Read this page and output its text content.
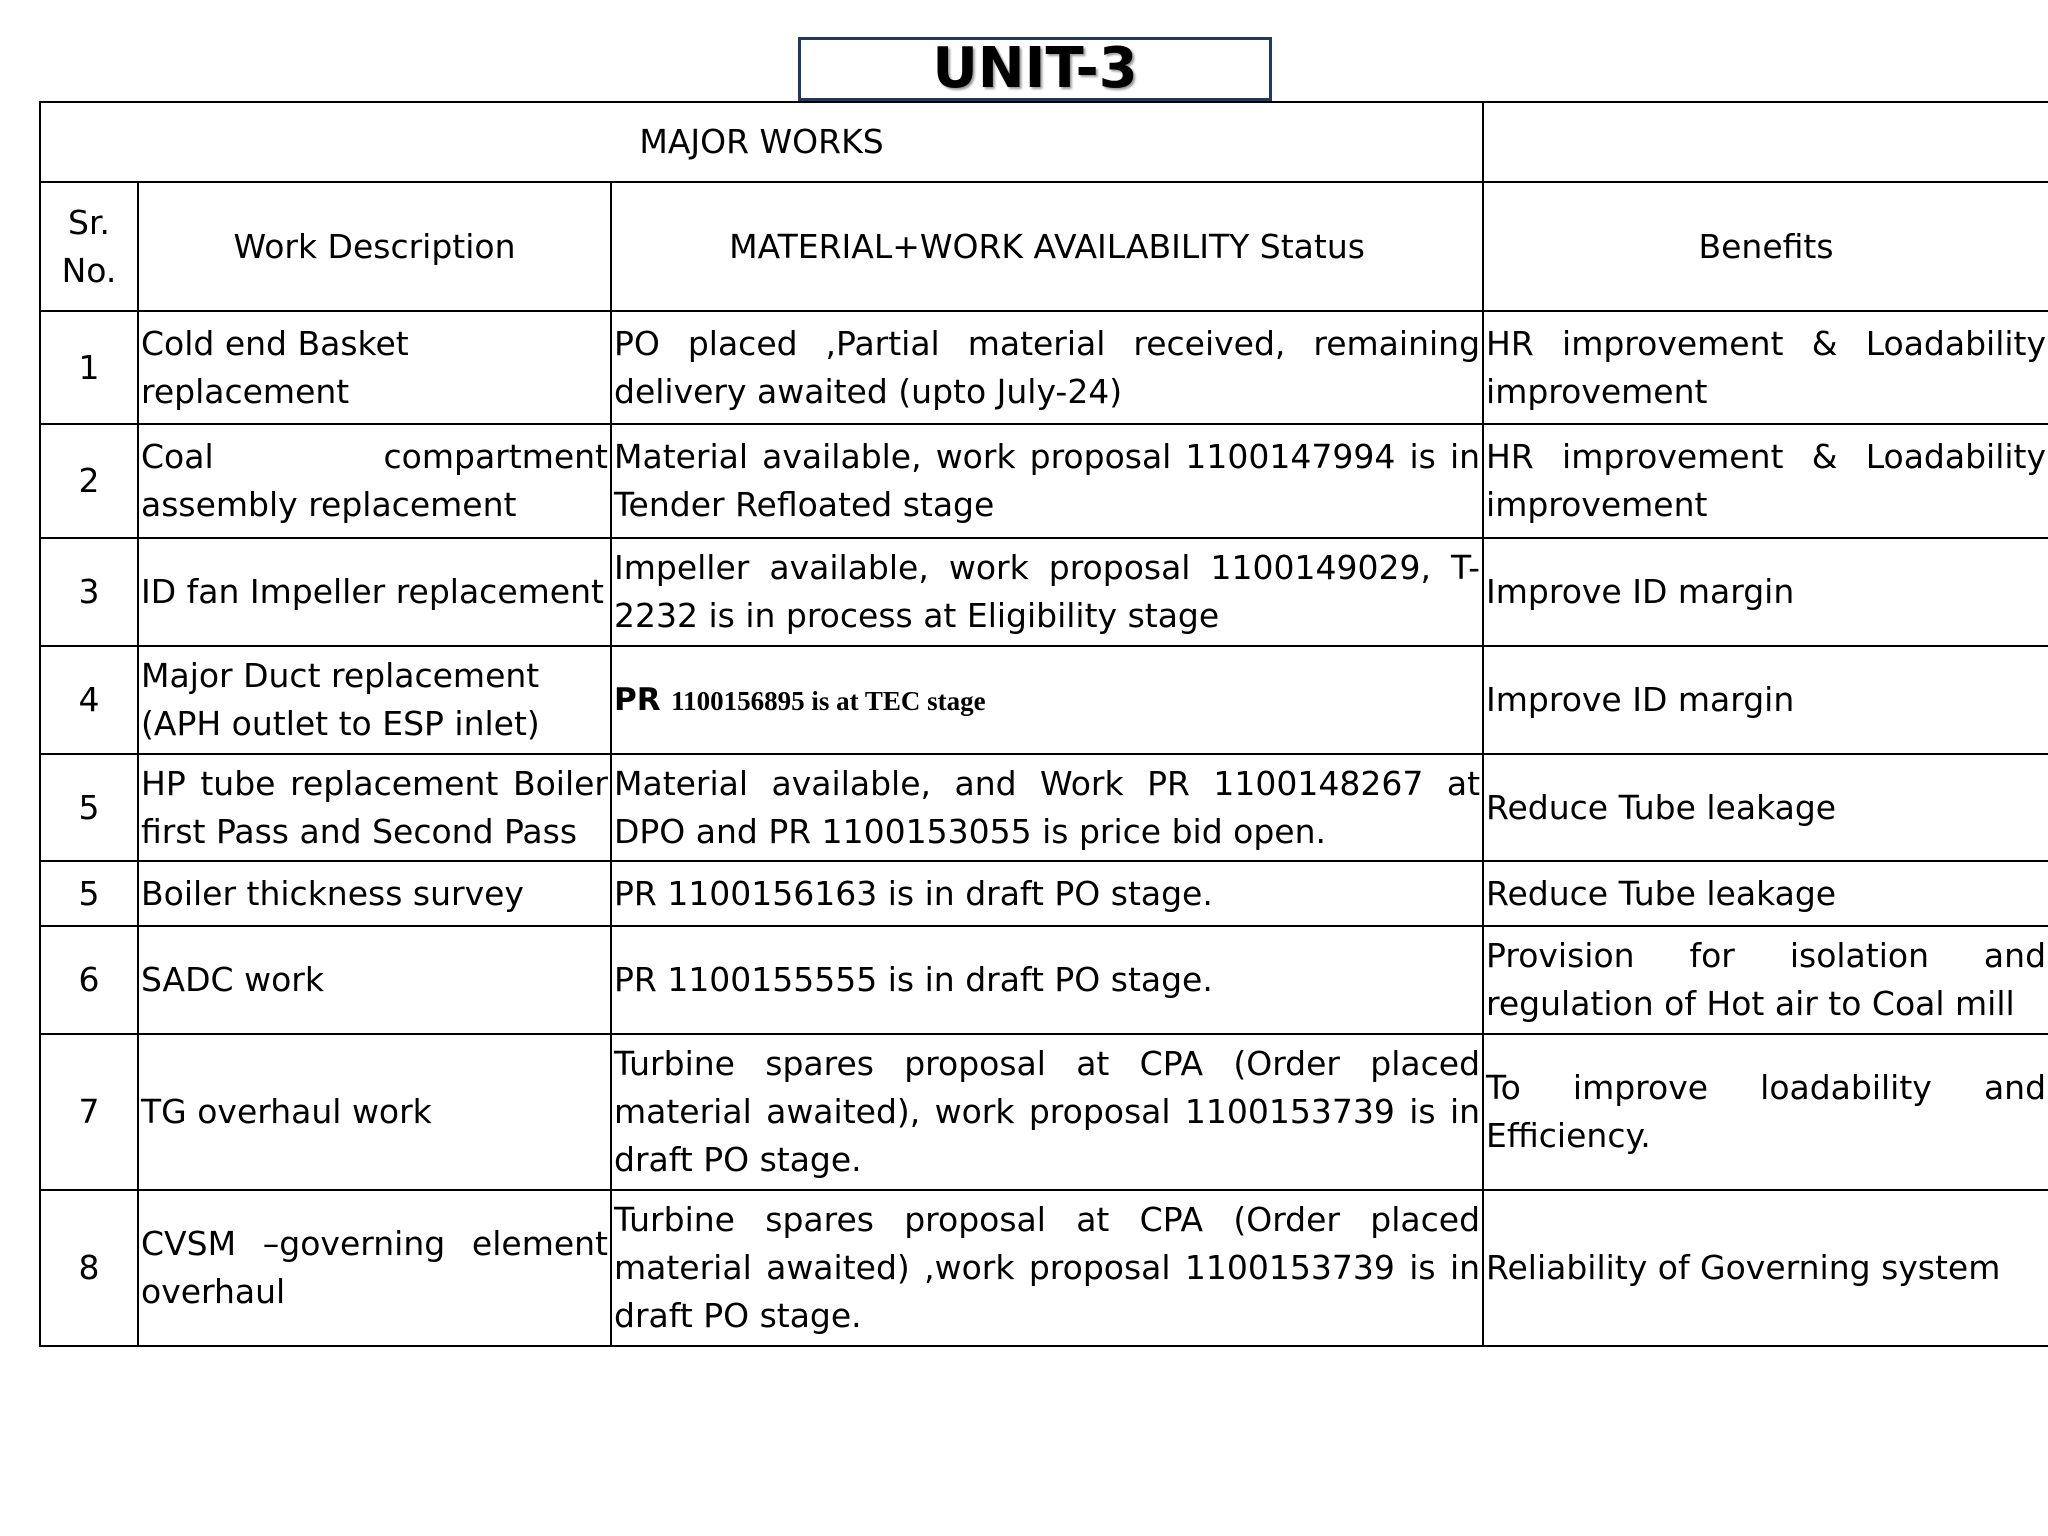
UNIT-3
MAJOR WORKS			
Sr. No.	Work Description	MATERIAL+WORK AVAILABILITY Status	Benefits
1	Cold end Basket replacement	PO placed ,Partial material received, remaining delivery awaited (upto July-24)	HR improvement & Loadability improvement
2	Coal compartment assembly replacement	Material available, work proposal 1100147994 is in Tender Refloated stage	HR improvement & Loadability improvement
3	ID fan Impeller replacement	Impeller available, work proposal 1100149029, T-2232 is in process at Eligibility stage	Improve ID margin
4	Major Duct replacement (APH outlet to ESP inlet)	PR 1100156895 is at TEC stage	Improve ID margin
5	HP tube replacement Boiler first Pass and Second Pass	Material available, and Work PR 1100148267 at DPO and PR 1100153055 is price bid open.	Reduce Tube leakage
5	Boiler thickness survey	PR 1100156163 is in draft PO stage.	Reduce Tube leakage
6	SADC work	PR 1100155555 is in draft PO stage.	Provision for isolation and regulation of Hot air to Coal mill
7	TG overhaul work	Turbine spares proposal at CPA (Order placed material awaited), work proposal 1100153739 is in draft PO stage.	To improve loadability and Efficiency.
8	CVSM –governing element overhaul	Turbine spares proposal at CPA (Order placed material awaited) ,work proposal 1100153739 is in draft PO stage.	Reliability of Governing system
